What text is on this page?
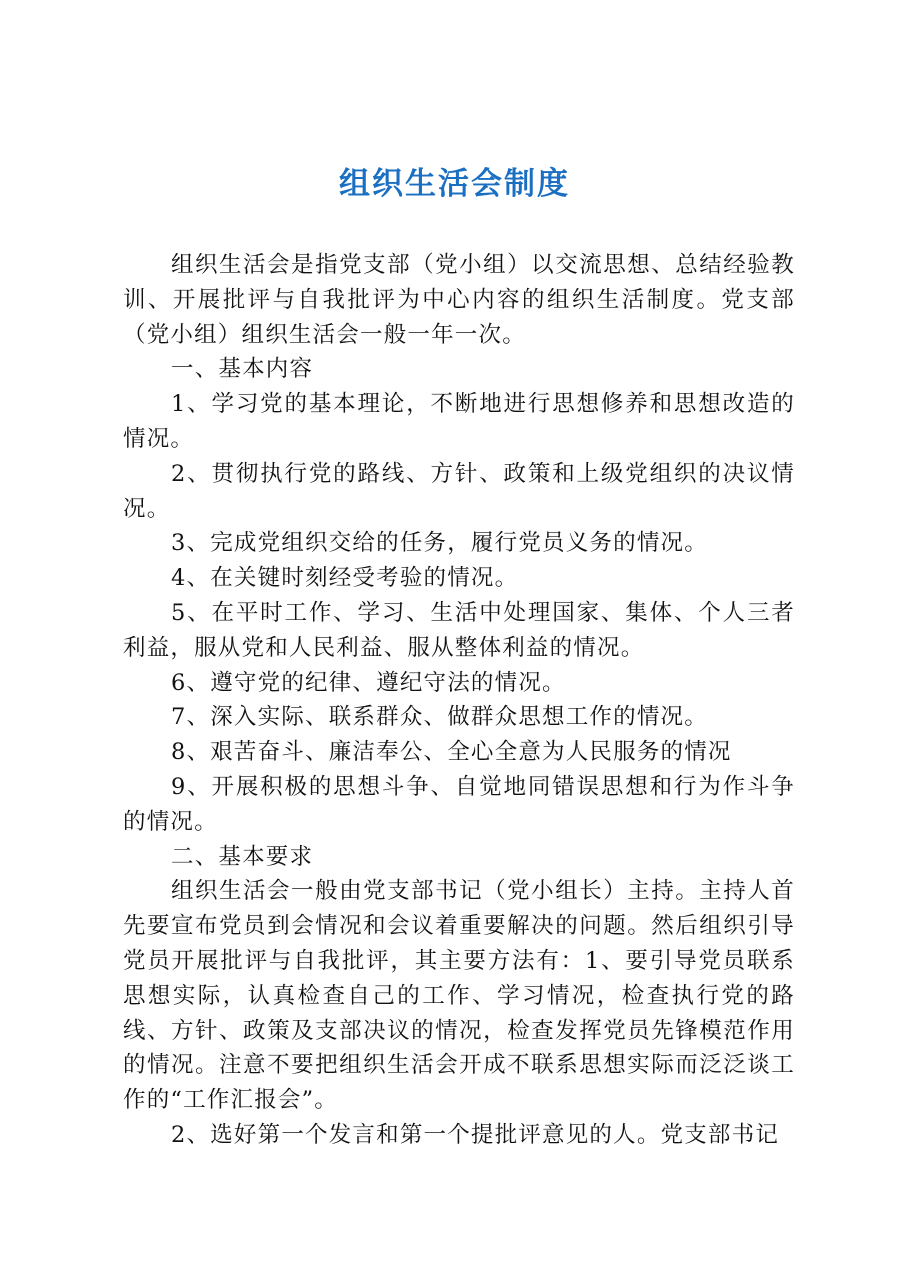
组织生活会制度

组织生活会是指党支部（党小组）以交流思想、总结经验教训、开展批评与自我批评为中心内容的组织生活制度。党支部（党小组）组织生活会一般一年一次。

一、基本内容

1、学习党的基本理论，不断地进行思想修养和思想改造的情况。

2、贯彻执行党的路线、方针、政策和上级党组织的决议情况。

3、完成党组织交给的任务，履行党员义务的情况。

4、在关键时刻经受考验的情况。

5、在平时工作、学习、生活中处理国家、集体、个人三者利益，服从党和人民利益、服从整体利益的情况。

6、遵守党的纪律、遵纪守法的情况。

7、深入实际、联系群众、做群众思想工作的情况。

8、艰苦奋斗、廉洁奉公、全心全意为人民服务的情况

9、开展积极的思想斗争、自觉地同错误思想和行为作斗争的情况。

二、基本要求

组织生活会一般由党支部书记（党小组长）主持。主持人首先要宣布党员到会情况和会议着重要解决的问题。然后组织引导党员开展批评与自我批评，其主要方法有：1、要引导党员联系思想实际，认真检查自己的工作、学习情况，检查执行党的路线、方针、政策及支部决议的情况，检查发挥党员先锋模范作用的情况。注意不要把组织生活会开成不联系思想实际而泛泛谈工作的“工作汇报会”。

2、选好第一个发言和第一个提批评意见的人。党支部书记
